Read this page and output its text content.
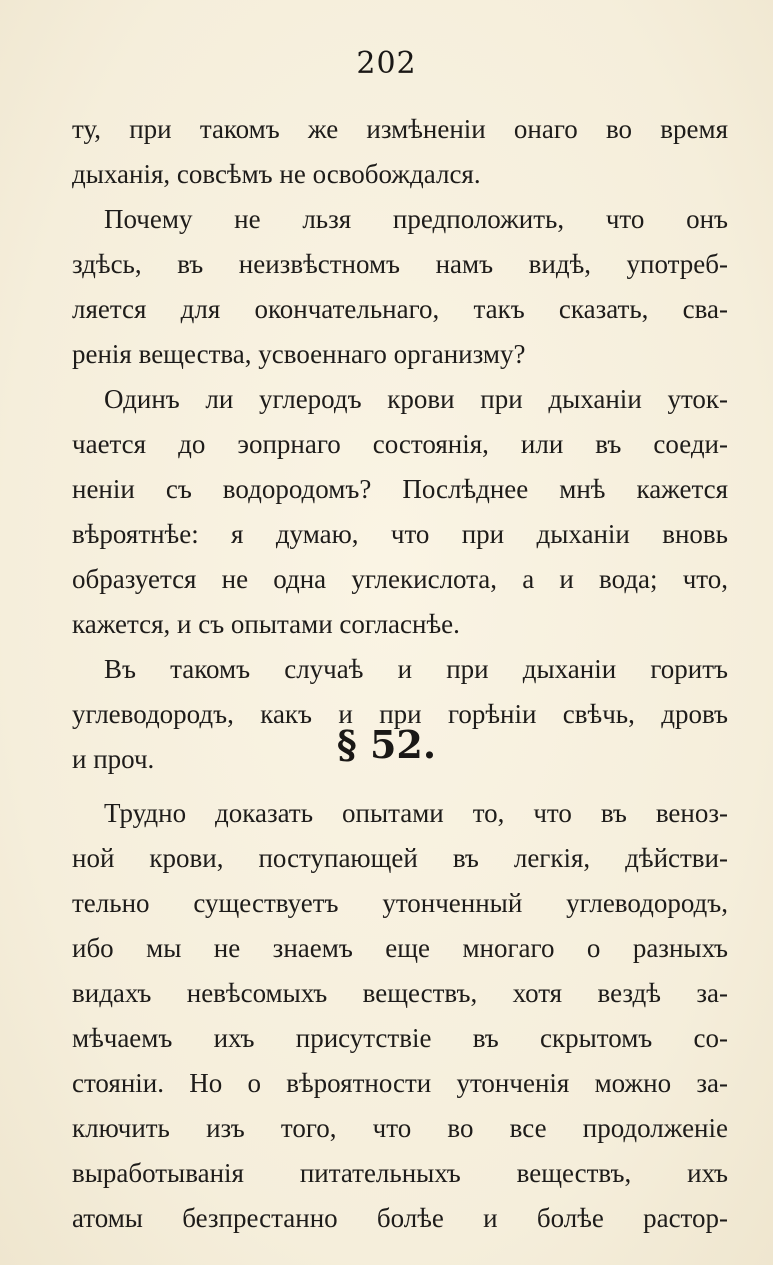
202
ту, при такомъ же измѣненіи онаго во время
дыханія, совсѣмъ не освобождался.
Почему не льзя предположить, что онъ
здѣсь, въ неизвѣстномъ намъ видѣ, употреб-
ляется для окончательнаго, такъ сказать, сва-
ренія вещества, усвоеннаго организму?
Одинъ ли углеродъ крови при дыханіи уток-
чается до эопрнаго состоянія, или въ соеди-
неніи съ водородомъ? Послѣднее мнѣ кажется
вѣроятнѣе: я думаю, что при дыханіи вновь
образуется не одна углекислота, а и вода; что,
кажется, и съ опытами согласнѣе.
Въ такомъ случаѣ и при дыханіи горитъ
углеводородъ, какъ и при горѣніи свѣчь, дровъ
и проч.	§ 52.
Трудно доказать опытами то, что въ веноз-
ной крови, поступающей въ легкія, дѣйстви-
тельно существуетъ утонченный углеводородъ,
ибо мы не знаемъ еще многаго о разныхъ
видахъ невѣсомыхъ веществъ, хотя вездѣ за-
мѣчаемъ ихъ присутствіе въ скрытомъ со-
стояніи. Но о вѣроятности утонченія можно за-
ключить изъ того, что во все продолженіе
выработыванія питательныхъ веществъ, ихъ
атомы безпрестанно болѣе и болѣе растор-
